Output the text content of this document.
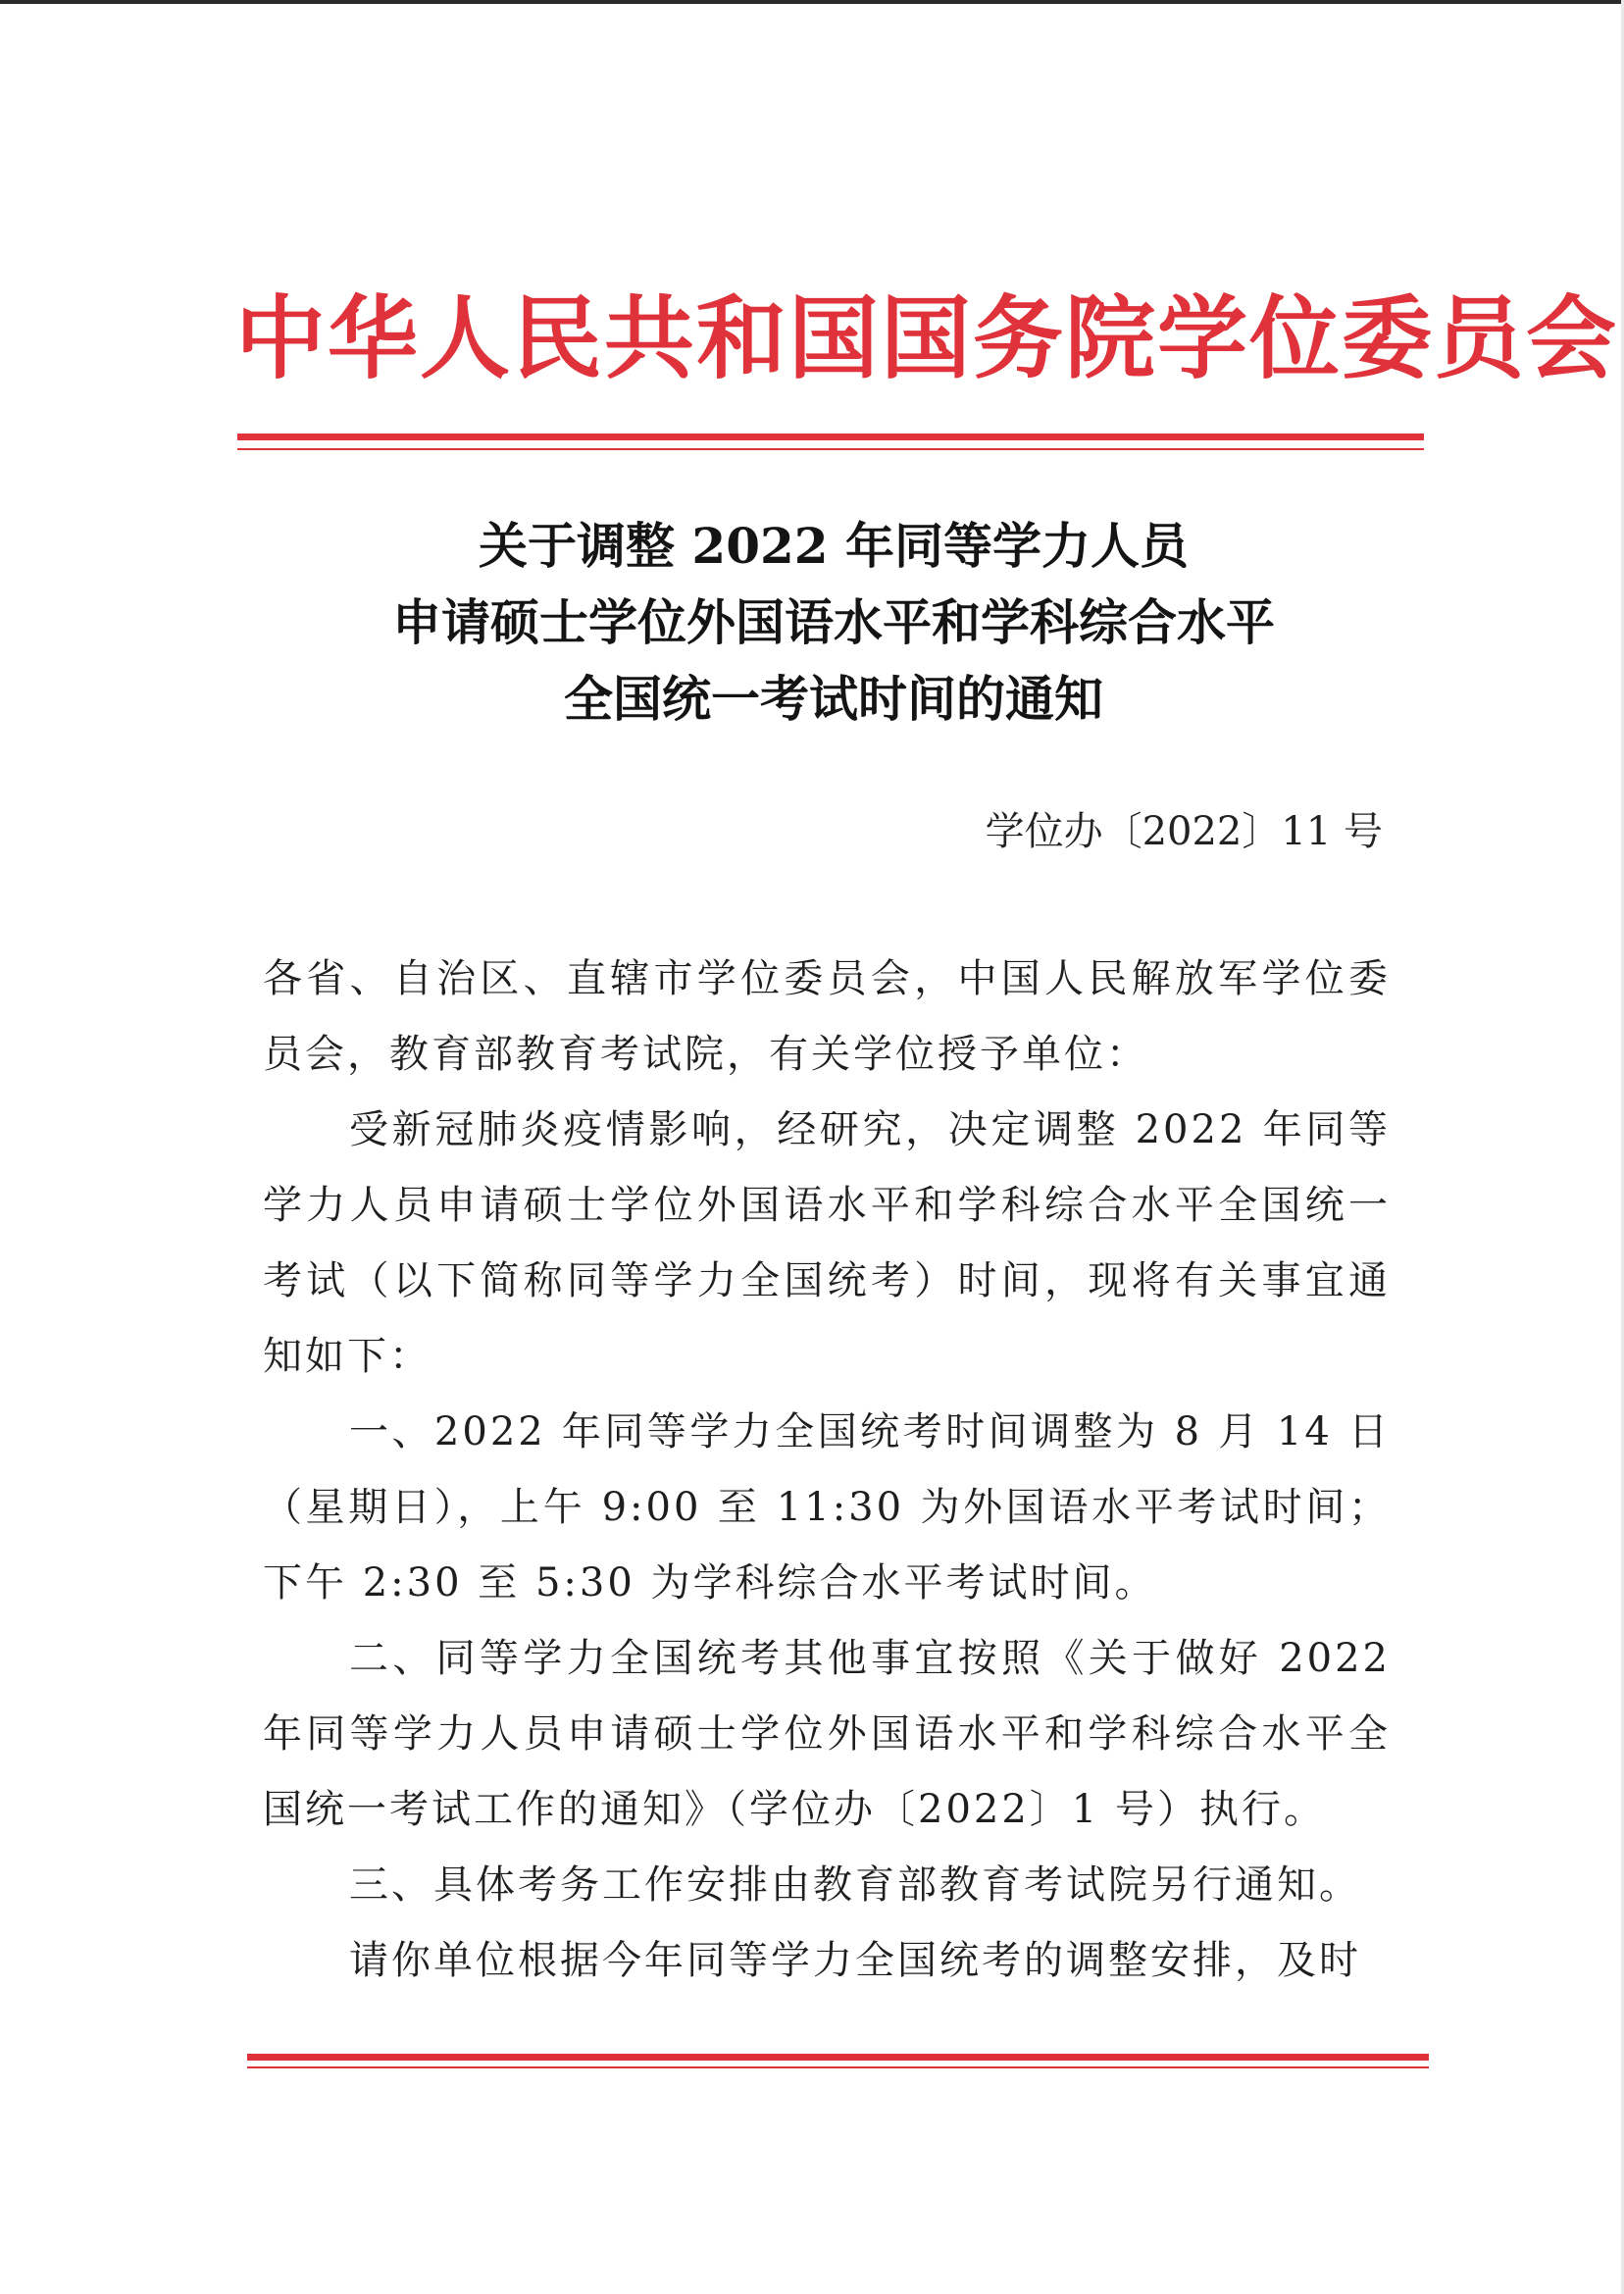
中华人民共和国国务院学位委员会
关于调整 2022 年同等学力人员
申请硕士学位外国语水平和学科综合水平
全国统一考试时间的通知
学位办〔2022〕11 号

各省、自治区、直辖市学位委员会，中国人民解放军学位委员会，教育部教育考试院，有关学位授予单位：

受新冠肺炎疫情影响，经研究，决定调整 2022 年同等学力人员申请硕士学位外国语水平和学科综合水平全国统一考试（以下简称同等学力全国统考）时间，现将有关事宜通知如下：

一、2022 年同等学力全国统考时间调整为 8 月 14 日（星期日），上午 9:00 至 11:30 为外国语水平考试时间；下午 2:30 至 5:30 为学科综合水平考试时间。

二、同等学力全国统考其他事宜按照《关于做好 2022 年同等学力人员申请硕士学位外国语水平和学科综合水平全国统一考试工作的通知》（学位办〔2022〕1 号）执行。

三、具体考务工作安排由教育部教育考试院另行通知。

请你单位根据今年同等学力全国统考的调整安排，及时
